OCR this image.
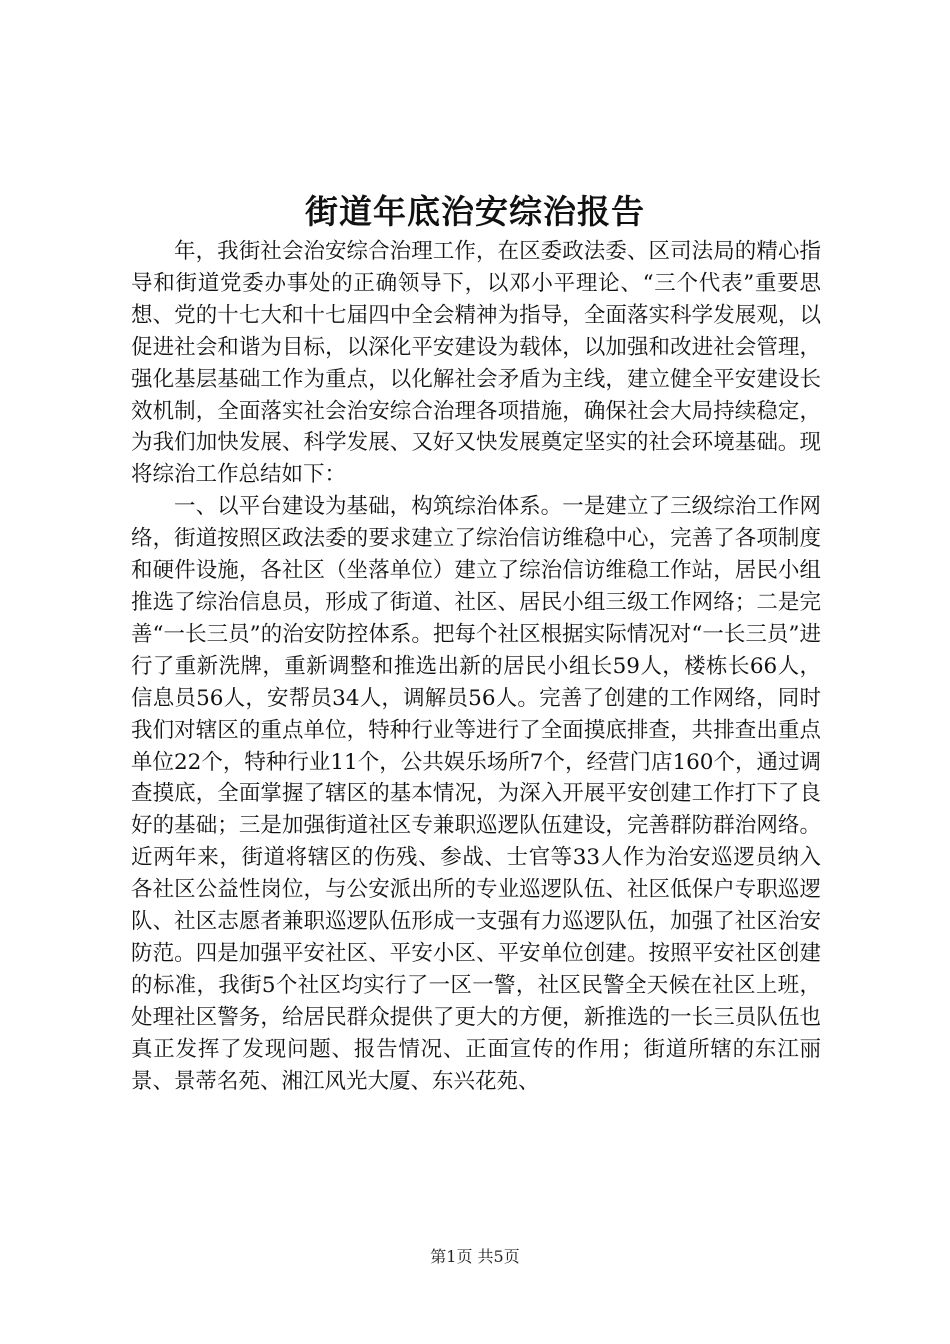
街道年底治安综治报告

年，我街社会治安综合治理工作，在区委政法委、区司法局的精心指导和街道党委办事处的正确领导下，以邓小平理论、“三个代表”重要思想、党的十七大和十七届四中全会精神为指导，全面落实科学发展观，以促进社会和谐为目标，以深化平安建设为载体，以加强和改进社会管理，强化基层基础工作为重点，以化解社会矛盾为主线，建立健全平安建设长效机制，全面落实社会治安综合治理各项措施，确保社会大局持续稳定，为我们加快发展、科学发展、又好又快发展奠定坚实的社会环境基础。现将综治工作总结如下：

一、以平台建设为基础，构筑综治体系。一是建立了三级综治工作网络，街道按照区政法委的要求建立了综治信访维稳中心，完善了各项制度和硬件设施，各社区（坐落单位）建立了综治信访维稳工作站，居民小组推选了综治信息员，形成了街道、社区、居民小组三级工作网络；二是完善“一长三员”的治安防控体系。把每个社区根据实际情况对“一长三员”进行了重新洗牌，重新调整和推选出新的居民小组长59人，楼栋长66人，信息员56人，安帮员34人，调解员56人。完善了创建的工作网络，同时我们对辖区的重点单位，特种行业等进行了全面摸底排查，共排查出重点单位22个，特种行业11个，公共娱乐场所7个，经营门店160个，通过调查摸底，全面掌握了辖区的基本情况，为深入开展平安创建工作打下了良好的基础；三是加强街道社区专兼职巡逻队伍建设，完善群防群治网络。近两年来，街道将辖区的伤残、参战、士官等33人作为治安巡逻员纳入各社区公益性岗位，与公安派出所的专业巡逻队伍、社区低保户专职巡逻队、社区志愿者兼职巡逻队伍形成一支强有力巡逻队伍，加强了社区治安防范。四是加强平安社区、平安小区、平安单位创建。按照平安社区创建的标准，我街5个社区均实行了一区一警，社区民警全天候在社区上班，处理社区警务，给居民群众提供了更大的方便，新推选的一长三员队伍也真正发挥了发现问题、报告情况、正面宣传的作用；街道所辖的东江丽景、景蒂名苑、湘江风光大厦、东兴花苑、

第1页 共5页
